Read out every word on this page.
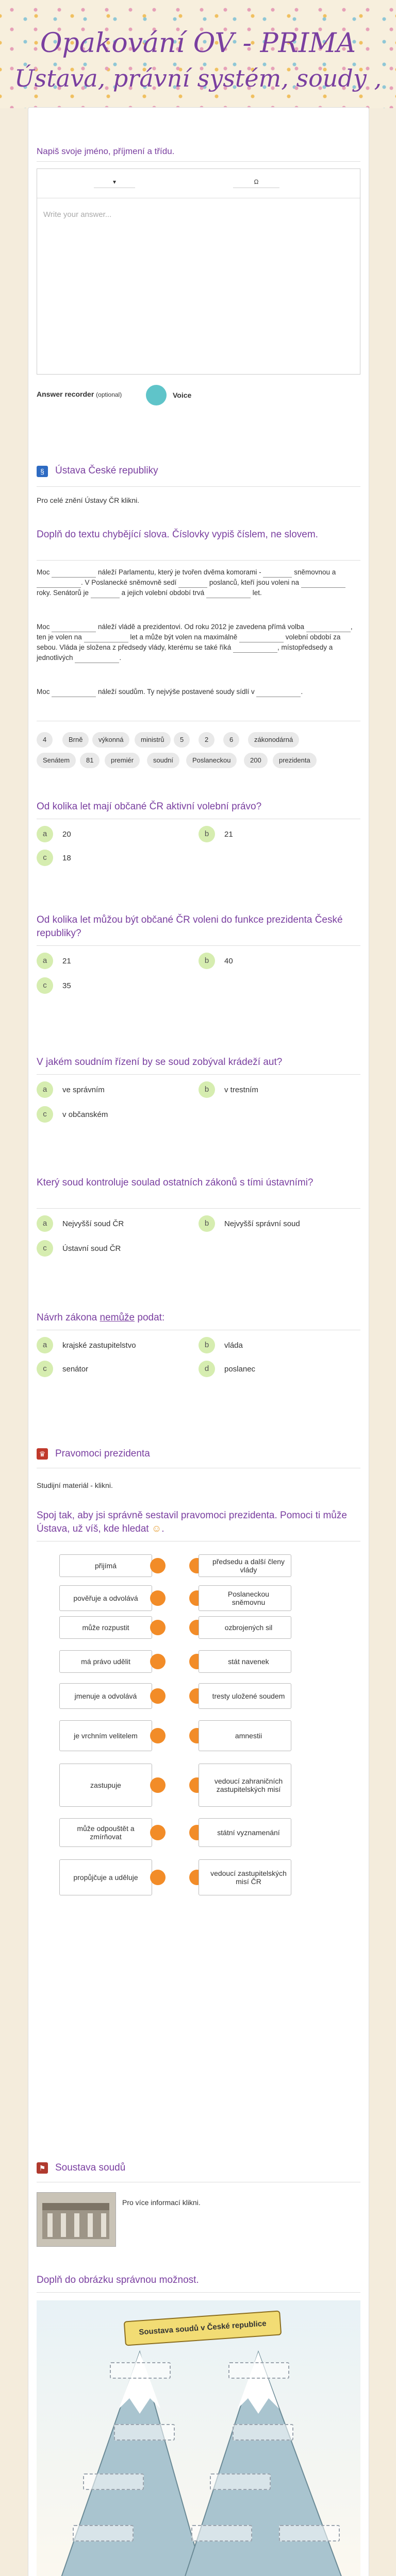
Opakování OV - PRIMA
Ústava, právní systém, soudy ,
Napiš svoje jméno, příjmení a třídu.
▾	Ω
Write your answer...
Answer recorder (optional)	Voice
§	Ústava České republiky
Pro celé znění Ústavy ČR klikni.
Doplň do textu chybějící slova. Číslovky vypiš číslem, ne slovem.
Moc	náleží Parlamentu, který je tvořen dvěma komorami -	sněmovnou a . V Poslanecké sněmovně sedí	poslanců, kteří jsou voleni na  roky. Senátorů je	a jejich volební období trvá	let.
Moc	náleží vládě a prezidentovi. Od roku 2012 je zavedena přímá volba	, ten je volen na	let a může být volen na maximálně	volební období za sebou. Vláda je složena z předsedy vlády, kterému se také říká	, místopředsedy a jednotlivých	.
Moc	náleží soudům. Ty nejvýše postavené soudy sídlí v	.
4	Brně	výkonná	ministrů	5	2	6	zákonodárná
Senátem	81	premiér	soudní	Poslaneckou	200	prezidenta
Od kolika let mají občané ČR aktivní volební právo?
a	20	b	21
c	18
Od kolika let můžou být občané ČR voleni do funkce prezidenta České republiky?
a	21	b	40
c	35
V jakém soudním řízení by se soud zobýval krádeží aut?
a	ve správním	b	v trestním
c	v občanském
Který soud kontroluje soulad ostatních zákonů s tími ústavními?
a	Nejvyšší soud ČR	b	Nejvyšší správní soud
c	Ústavní soud ČR
Návrh zákona nemůže podat:
a	krajské zastupitelstvo	b	vláda
c	senátor	d	poslanec
♛ Pravomoci prezidenta
Studijní materiál - klikni.
Spoj tak, aby jsi správně sestavil pravomoci prezidenta. Pomoci ti může Ústava, už víš, kde hledat ☺.
přijímá	předsedu a další členy vlády
pověřuje a odvolává	Poslaneckou sněmovnu
může rozpustit	ozbrojených sil
má právo udělit	stát navenek
jmenuje a odvolává	tresty uložené soudem
je vrchním velitelem	amnestii
zastupuje	vedoucí zahraničních zastupitelských misí
může odpouštět a zmírňovat	státní vyznamenání
propůjčuje a uděluje	vedoucí zastupitelských misí ČR
⚑ Soustava soudů
Pro více informací klikni.
Doplň do obrázku správnou možnost.
Soustava soudů v České republice
